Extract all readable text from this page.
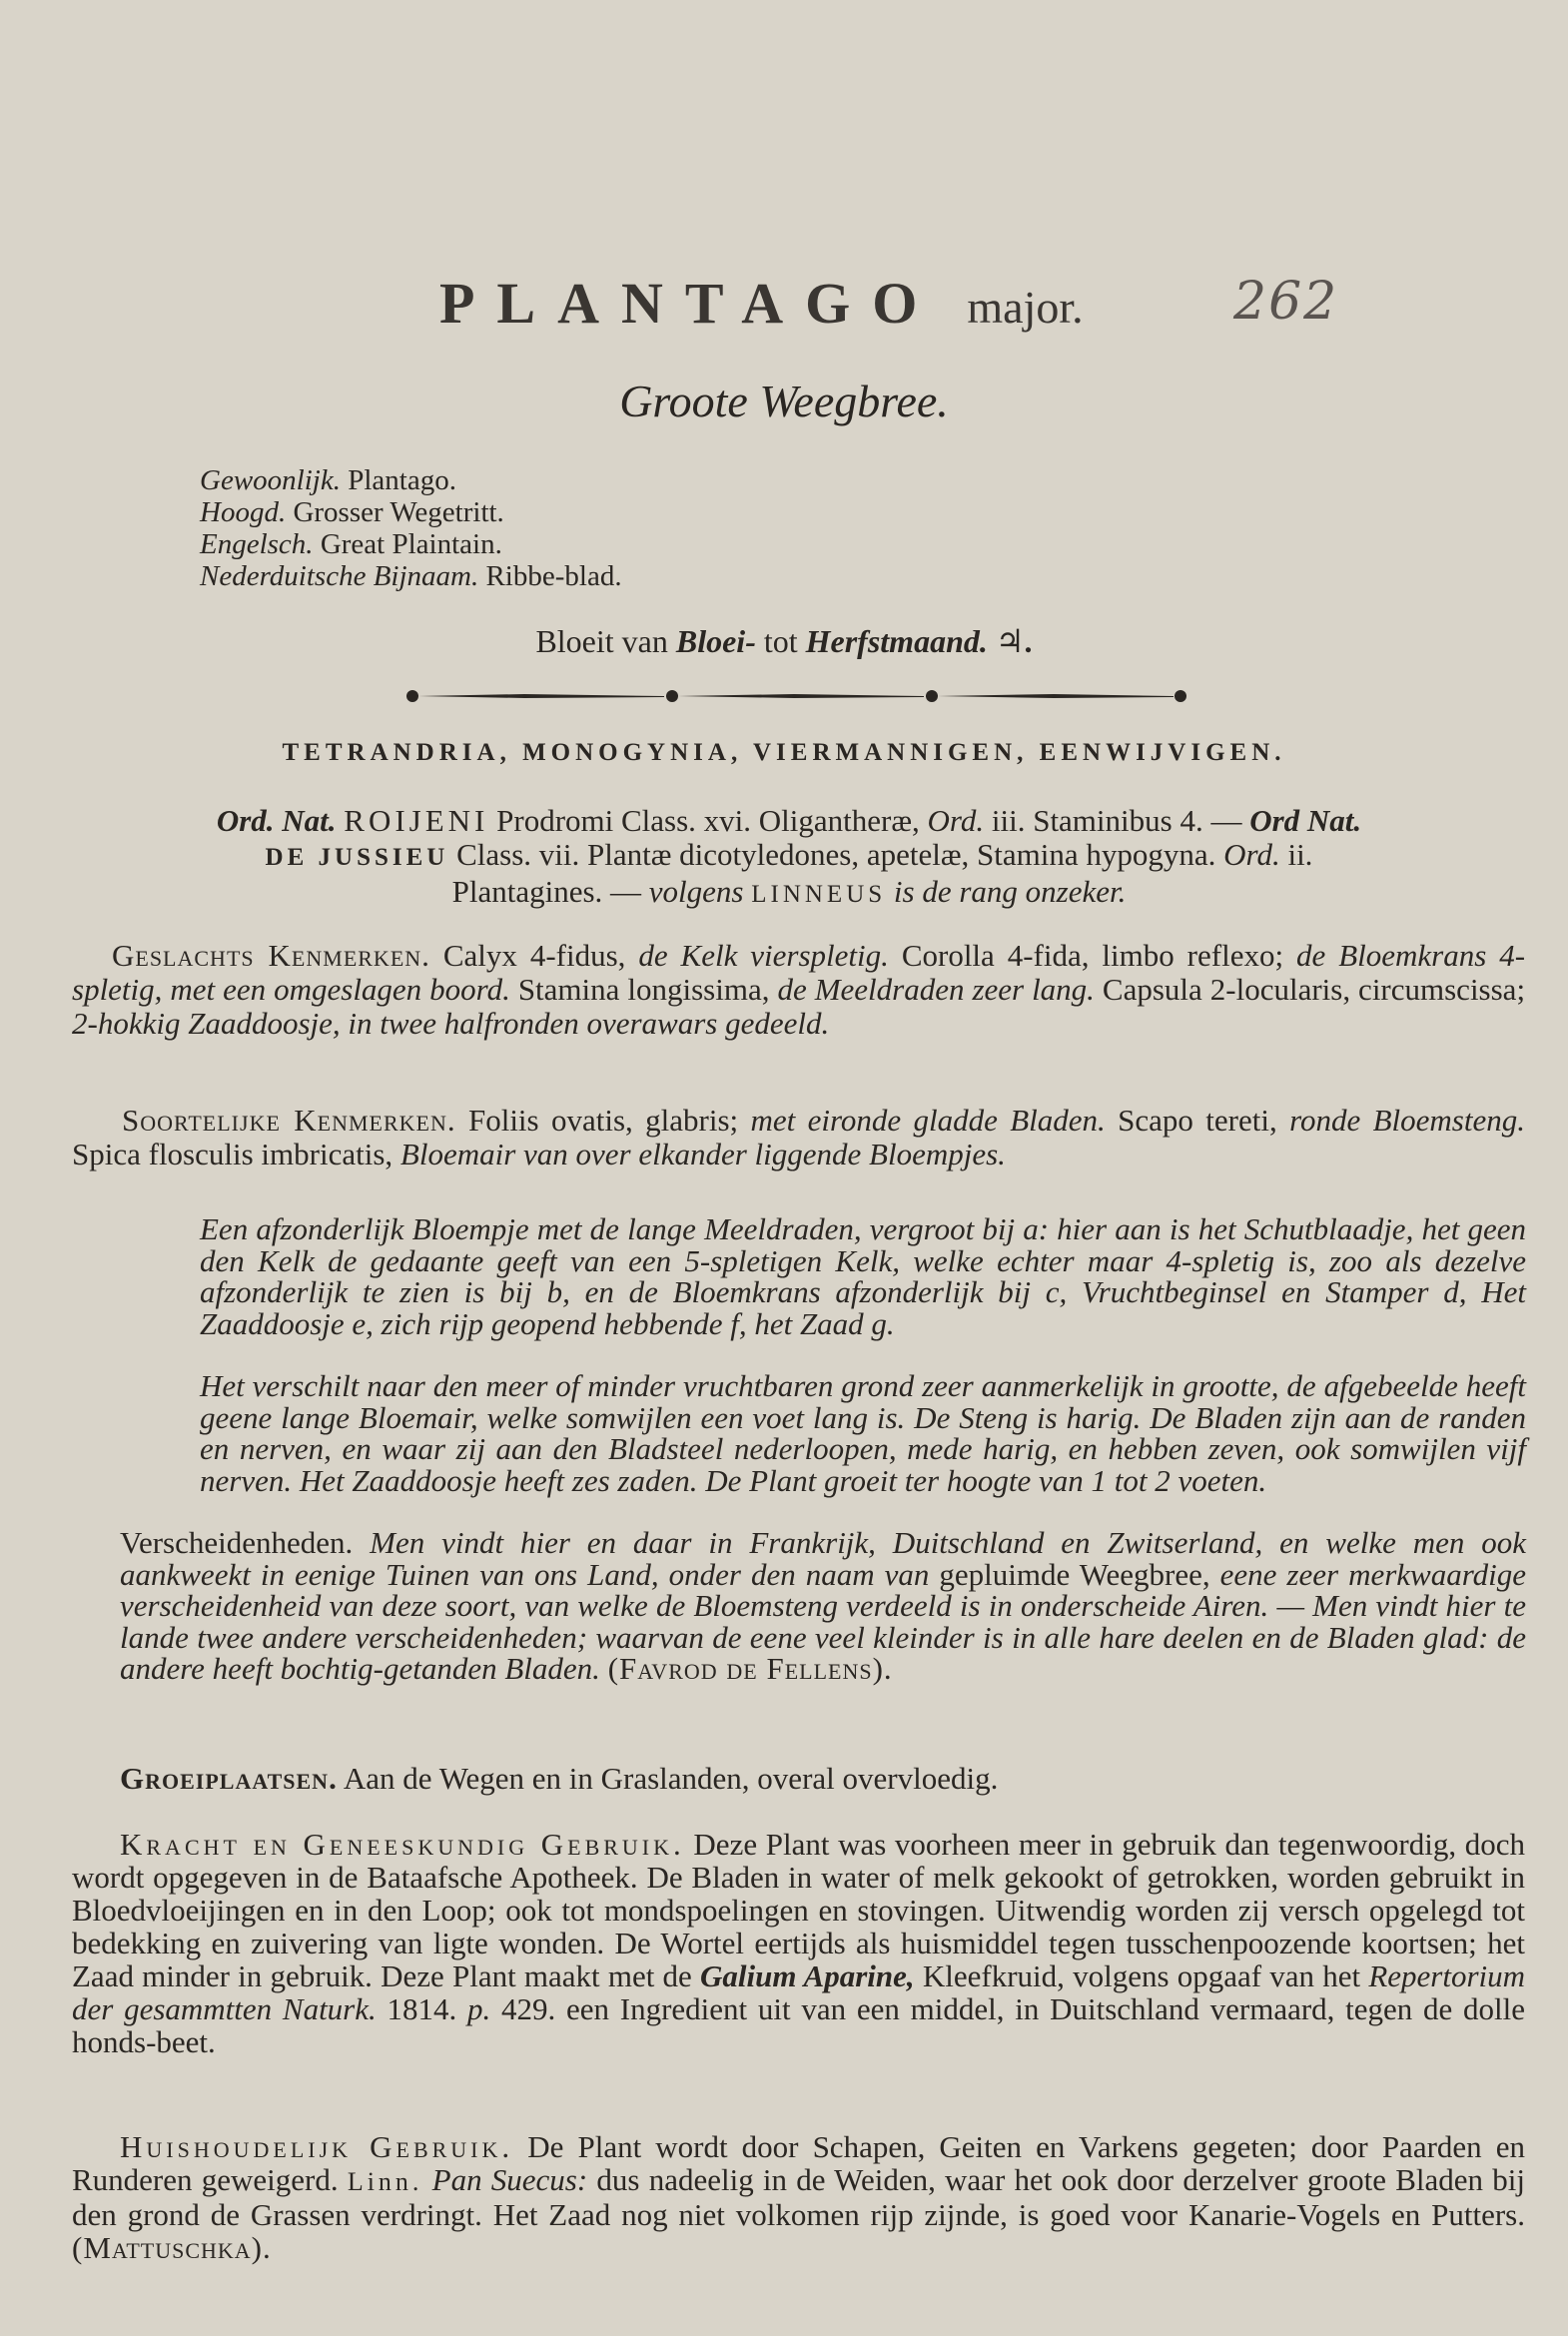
PLANTAGO major.	262
Groote Weegbree.
Gewoonlijk. Plantago.
Hoogd. Grosser Wegetritt.
Engelsch. Great Plaintain.
Nederduitsche Bijnaam. Ribbe-blad.
Bloeit van Bloei- tot Herfstmaand. ♃.
TETRANDRIA, MONOGYNIA, VIERMANNIGEN, EENWIJVIGEN.
Ord. Nat. ROIJENI Prodromi Class. xvi. Oligantheræ, Ord. iii. Staminibus 4. — Ord Nat.
DE JUSSIEU Class. vii. Plantæ dicotyledones, apetelæ, Stamina hypogyna. Ord. ii.
Plantagines. — volgens LINNEUS is de rang onzeker.
Geslachts Kenmerken. Calyx 4-fidus, de Kelk vierspletig. Corolla 4-fida, limbo reflexo; de Bloemkrans 4-spletig, met een omgeslagen boord. Stamina longissima, de Meeldraden zeer lang. Capsula 2-locularis, circumscissa; 2-hokkig Zaaddoosje, in twee halfronden overawars gedeeld.
Soortelijke Kenmerken. Foliis ovatis, glabris; met eironde gladde Bladen. Scapo tereti, ronde Bloemsteng. Spica flosculis imbricatis, Bloemair van over elkander liggende Bloempjes.
Een afzonderlijk Bloempje met de lange Meeldraden, vergroot bij a: hier aan is het Schutblaadje, het geen den Kelk de gedaante geeft van een 5-spletigen Kelk, welke echter maar 4-spletig is, zoo als dezelve afzonderlijk te zien is bij b, en de Bloemkrans afzonderlijk bij c, Vruchtbeginsel en Stamper d, Het Zaaddoosje e, zich rijp geopend hebbende f, het Zaad g.
Het verschilt naar den meer of minder vruchtbaren grond zeer aanmerkelijk in grootte, de afgebeelde heeft geene lange Bloemair, welke somwijlen een voet lang is. De Steng is harig. De Bladen zijn aan de randen en nerven, en waar zij aan den Bladsteel nederloopen, mede harig, en hebben zeven, ook somwijlen vijf nerven. Het Zaaddoosje heeft zes zaden. De Plant groeit ter hoogte van 1 tot 2 voeten.
Verscheidenheden. Men vindt hier en daar in Frankrijk, Duitschland en Zwitserland, en welke men ook aankweekt in eenige Tuinen van ons Land, onder den naam van gepluimde Weegbree, eene zeer merkwaardige verscheidenheid van deze soort, van welke de Bloemsteng verdeeld is in onderscheide Airen. — Men vindt hier te lande twee andere verscheidenheden; waarvan de eene veel kleinder is in alle hare deelen en de Bladen glad: de andere heeft bochtig-getanden Bladen. (Favrod de Fellens).
Groeiplaatsen. Aan de Wegen en in Graslanden, overal overvloedig.
Kracht en Geneeskundig Gebruik. Deze Plant was voorheen meer in gebruik dan tegenwoordig, doch wordt opgegeven in de Bataafsche Apotheek. De Bladen in water of melk gekookt of getrokken, worden gebruikt in Bloedvloeijingen en in den Loop; ook tot mondspoelingen en stovingen. Uitwendig worden zij versch opgelegd tot bedekking en zuivering van ligte wonden. De Wortel eertijds als huismiddel tegen tusschenpoozende koortsen; het Zaad minder in gebruik. Deze Plant maakt met de Galium Aparine, Kleefkruid, volgens opgaaf van het Repertorium der gesammtten Naturk. 1814. p. 429. een Ingredient uit van een middel, in Duitschland vermaard, tegen de dolle honds-beet.
Huishoudelijk Gebruik. De Plant wordt door Schapen, Geiten en Varkens gegeten; door Paarden en Runderen geweigerd. Linn. Pan Suecus: dus nadeelig in de Weiden, waar het ook door derzelver groote Bladen bij den grond de Grassen verdringt. Het Zaad nog niet volkomen rijp zijnde, is goed voor Kanarie-Vogels en Putters. (Mattuschka).
